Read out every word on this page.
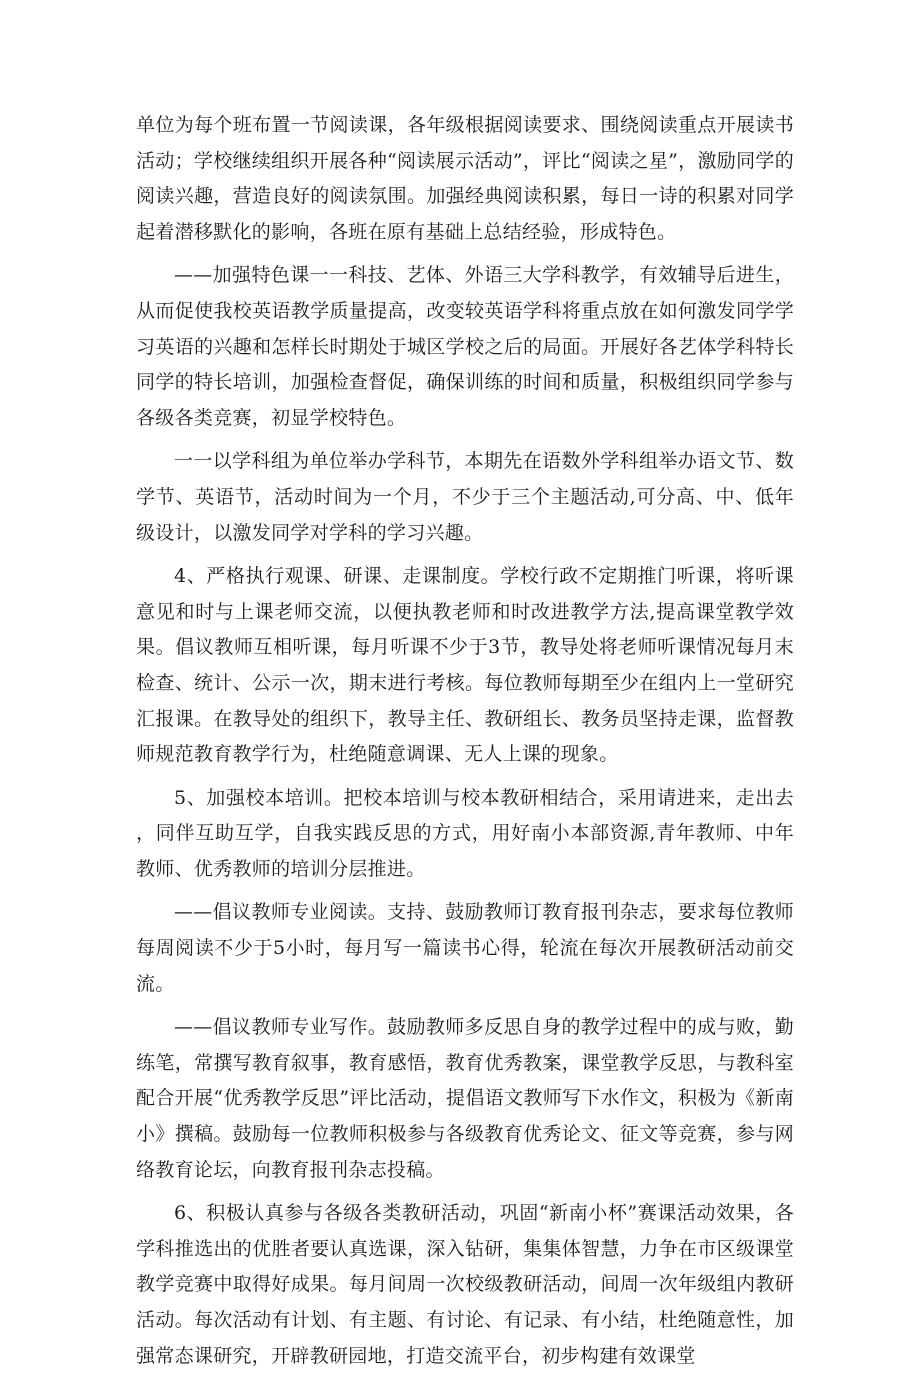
单位为每个班布置一节阅读课，各年级根据阅读要求、围绕阅读重点开展读书活动；学校继续组织开展各种“阅读展示活动”，评比“阅读之星”，激励同学的阅读兴趣，营造良好的阅读氛围。加强经典阅读积累，每日一诗的积累对同学起着潜移默化的影响，各班在原有基础上总结经验，形成特色。

——加强特色课一一科技、艺体、外语三大学科教学，有效辅导后进生，从而促使我校英语教学质量提高，改变较英语学科将重点放在如何激发同学学习英语的兴趣和怎样长时期处于城区学校之后的局面。开展好各艺体学科特长同学的特长培训，加强检查督促，确保训练的时间和质量，积极组织同学参与各级各类竞赛，初显学校特色。

一一以学科组为单位举办学科节，本期先在语数外学科组举办语文节、数学节、英语节，活动时间为一个月，不少于三个主题活动,可分高、中、低年级设计，以激发同学对学科的学习兴趣。

4、严格执行观课、研课、走课制度。学校行政不定期推门听课，将听课意见和时与上课老师交流，以便执教老师和时改进教学方法,提高课堂教学效果。倡议教师互相听课，每月听课不少于3节，教导处将老师听课情况每月末检查、统计、公示一次，期末进行考核。每位教师每期至少在组内上一堂研究汇报课。在教导处的组织下，教导主任、教研组长、教务员坚持走课，监督教师规范教育教学行为，杜绝随意调课、无人上课的现象。

5、加强校本培训。把校本培训与校本教研相结合，采用请进来，走出去，同伴互助互学，自我实践反思的方式，用好南小本部资源,青年教师、中年教师、优秀教师的培训分层推进。

——倡议教师专业阅读。支持、鼓励教师订教育报刊杂志，要求每位教师每周阅读不少于5小时，每月写一篇读书心得，轮流在每次开展教研活动前交流。

——倡议教师专业写作。鼓励教师多反思自身的教学过程中的成与败，勤练笔，常撰写教育叙事，教育感悟，教育优秀教案，课堂教学反思，与教科室配合开展“优秀教学反思”评比活动，提倡语文教师写下水作文，积极为《新南小》撰稿。鼓励每一位教师积极参与各级教育优秀论文、征文等竞赛，参与网络教育论坛，向教育报刊杂志投稿。

6、积极认真参与各级各类教研活动，巩固“新南小杯”赛课活动效果，各学科推选出的优胜者要认真选课，深入钻研，集集体智慧，力争在市区级课堂教学竞赛中取得好成果。每月间周一次校级教研活动，间周一次年级组内教研活动。每次活动有计划、有主题、有讨论、有记录、有小结，杜绝随意性，加强常态课研究，开辟教研园地，打造交流平台，初步构建有效课堂
